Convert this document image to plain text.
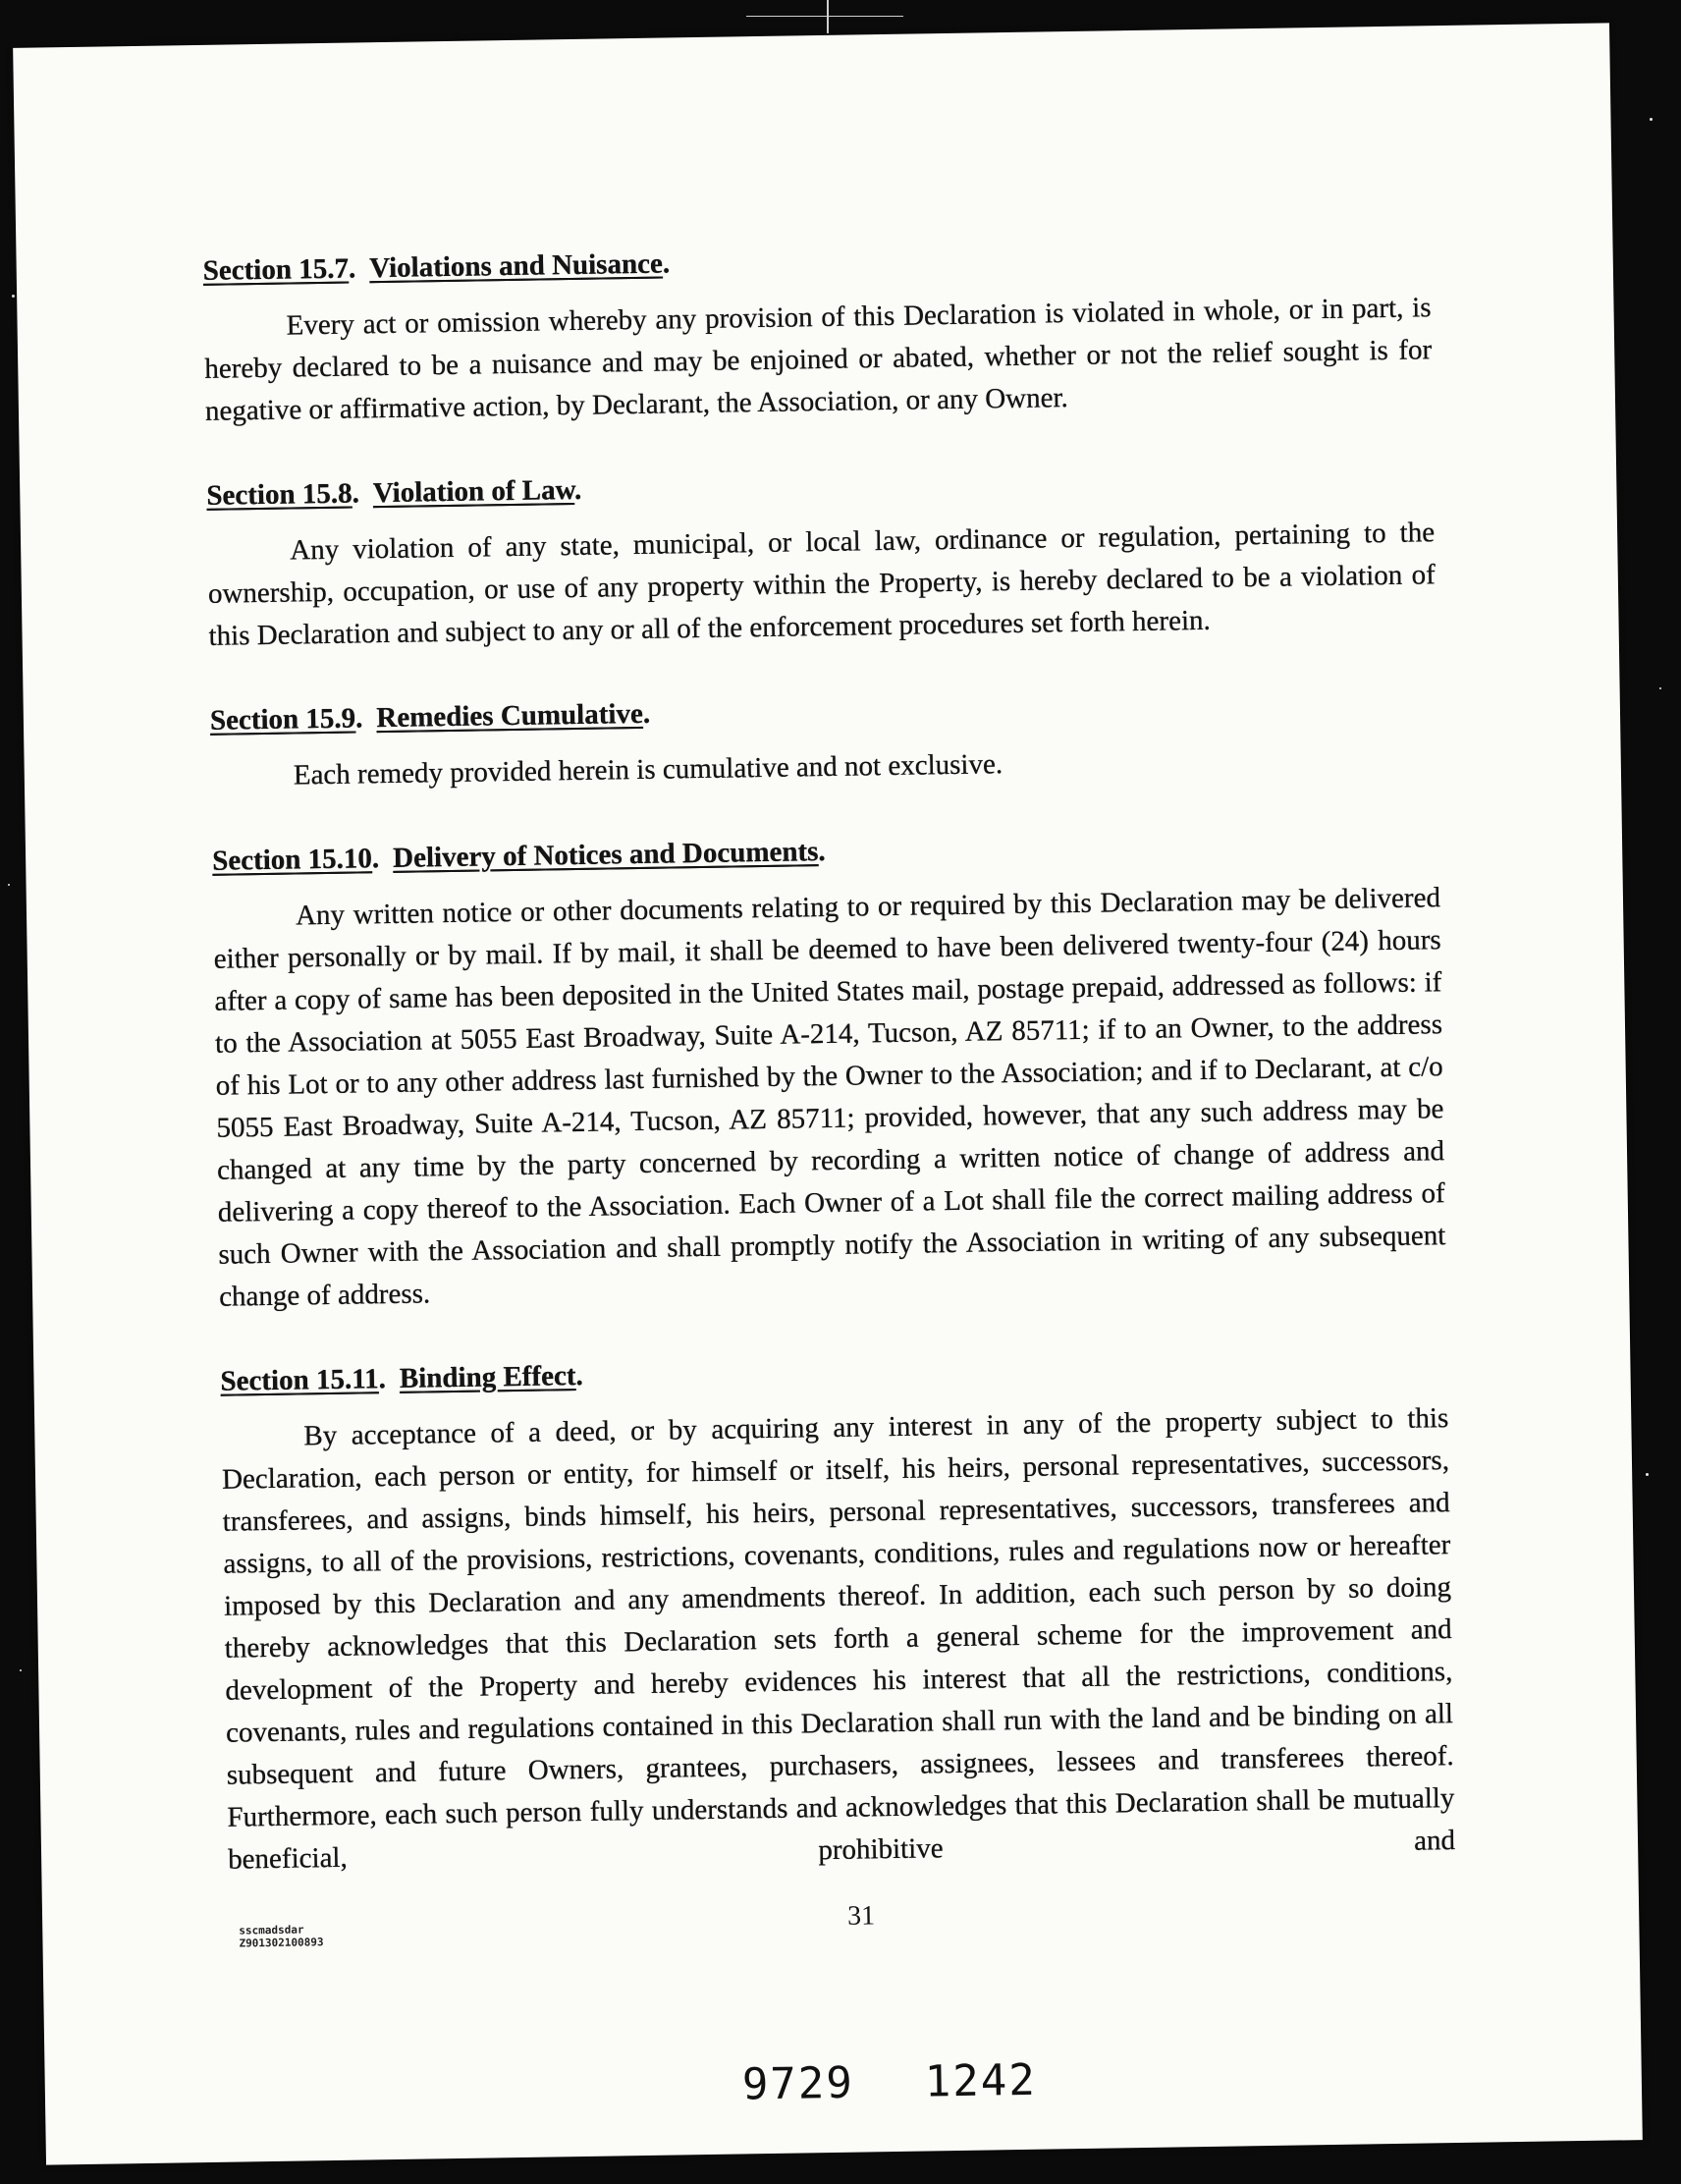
Section 15.7. Violations and Nuisance.

Every act or omission whereby any provision of this Declaration is violated in whole, or in part, is hereby declared to be a nuisance and may be enjoined or abated, whether or not the relief sought is for negative or affirmative action, by Declarant, the Association, or any Owner.

Section 15.8. Violation of Law.

Any violation of any state, municipal, or local law, ordinance or regulation, pertaining to the ownership, occupation, or use of any property within the Property, is hereby declared to be a violation of this Declaration and subject to any or all of the enforcement procedures set forth herein.

Section 15.9. Remedies Cumulative.

Each remedy provided herein is cumulative and not exclusive.

Section 15.10. Delivery of Notices and Documents.

Any written notice or other documents relating to or required by this Declaration may be delivered either personally or by mail. If by mail, it shall be deemed to have been delivered twenty-four (24) hours after a copy of same has been deposited in the United States mail, postage prepaid, addressed as follows: if to the Association at 5055 East Broadway, Suite A-214, Tucson, AZ 85711; if to an Owner, to the address of his Lot or to any other address last furnished by the Owner to the Association; and if to Declarant, at c/o 5055 East Broadway, Suite A-214, Tucson, AZ 85711; provided, however, that any such address may be changed at any time by the party concerned by recording a written notice of change of address and delivering a copy thereof to the Association. Each Owner of a Lot shall file the correct mailing address of such Owner with the Association and shall promptly notify the Association in writing of any subsequent change of address.

Section 15.11. Binding Effect.

By acceptance of a deed, or by acquiring any interest in any of the property subject to this Declaration, each person or entity, for himself or itself, his heirs, personal representatives, successors, transferees, and assigns, binds himself, his heirs, personal representatives, successors, transferees and assigns, to all of the provisions, restrictions, covenants, conditions, rules and regulations now or hereafter imposed by this Declaration and any amendments thereof. In addition, each such person by so doing thereby acknowledges that this Declaration sets forth a general scheme for the improvement and development of the Property and hereby evidences his interest that all the restrictions, conditions, covenants, rules and regulations contained in this Declaration shall run with the land and be binding on all subsequent and future Owners, grantees, purchasers, assignees, lessees and transferees thereof. Furthermore, each such person fully understands and acknowledges that this Declaration shall be mutually beneficial, prohibitive and

sscmadsdar
Z901302100893
31
9729 1242
